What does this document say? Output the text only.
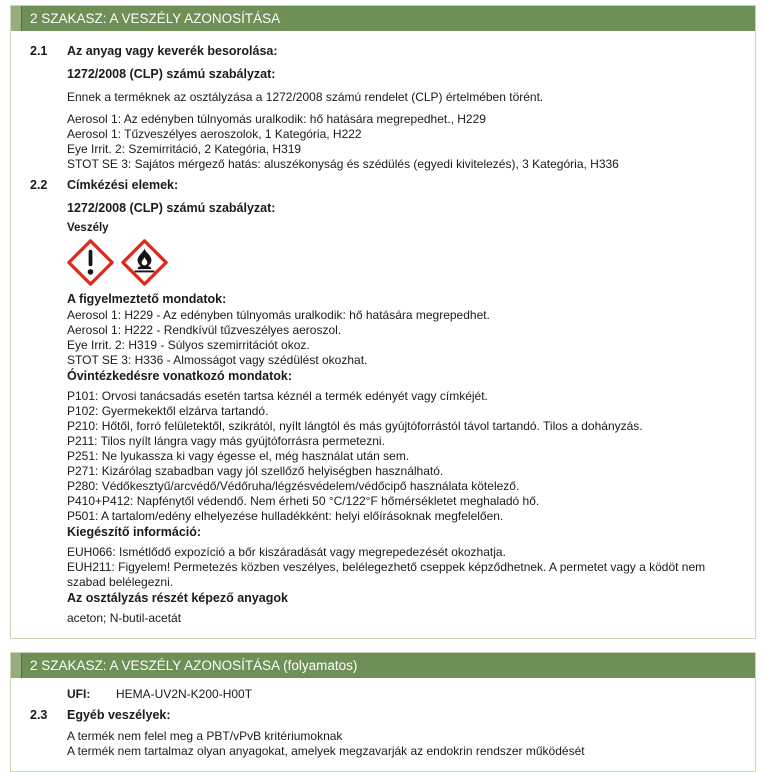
2 SZAKASZ: A VESZÉLY AZONOSÍTÁSA
2.1	Az anyag vagy keverék besorolása:
1272/2008 (CLP) számú szabályzat:
Ennek a terméknek az osztályzása a 1272/2008 számú rendelet (CLP) értelmében törént.
Aerosol 1: Az edényben túlnyomás uralkodik: hő hatására megrepedhet., H229
Aerosol 1: Tűzveszélyes aeroszolok, 1 Kategória, H222
Eye Irrit. 2: Szemirritáció, 2 Kategória, H319
STOT SE 3: Sajátos mérgező hatás: aluszékonyság és szédülés (egyedi kivitelezés), 3 Kategória, H336
2.2	Címkézési elemek:
1272/2008 (CLP) számú szabályzat:
Veszély
A figyelmeztető mondatok:
Aerosol 1: H229 - Az edényben túlnyomás uralkodik: hő hatására megrepedhet.
Aerosol 1: H222 - Rendkívül tűzveszélyes aeroszol.
Eye Irrit. 2: H319 - Súlyos szemirritációt okoz.
STOT SE 3: H336 - Almosságot vagy szédülést okozhat.
Óvintézkedésre vonatkozó mondatok:
P101: Orvosi tanácsadás esetén tartsa kéznél a termék edényét vagy címkéjét.
P102: Gyermekektől elzárva tartandó.
P210: Hőtől, forró felületektől, szikrától, nyílt lángtól és más gyújtóforrástól távol tartandó. Tilos a dohányzás.
P211: Tilos nyílt lángra vagy más gyújtóforrásra permetezni.
P251: Ne lyukassza ki vagy égesse el, még használat után sem.
P271: Kizárólag szabadban vagy jól szellőző helyiségben használható.
P280: Védőkesztyű/arcvédő/Védőruha/légzésvédelem/védőcipő használata kötelező.
P410+P412: Napfénytől védendő. Nem érheti 50 °C/122°F hőmérsékletet meghaladó hő.
P501: A tartalom/edény elhelyezése hulladékként: helyi előírásoknak megfelelően.
Kiegészítő információ:
EUH066: Ismétlődő expozíció a bőr kiszáradását vagy megrepedezését okozhatja.
EUH211: Figyelem! Permetezés közben veszélyes, belélegezhető cseppek képződhetnek. A permetet vagy a ködöt nem szabad belélegezni.
Az osztályzás részét képező anyagok
aceton; N-butil-acetát
2 SZAKASZ: A VESZÉLY AZONOSÍTÁSA (folyamatos)
UFI:	HEMA-UV2N-K200-H00T
2.3	Egyéb veszélyek:
A termék nem felel meg a PBT/vPvB kritériumoknak
A termék nem tartalmaz olyan anyagokat, amelyek megzavarják az endokrin rendszer működését
